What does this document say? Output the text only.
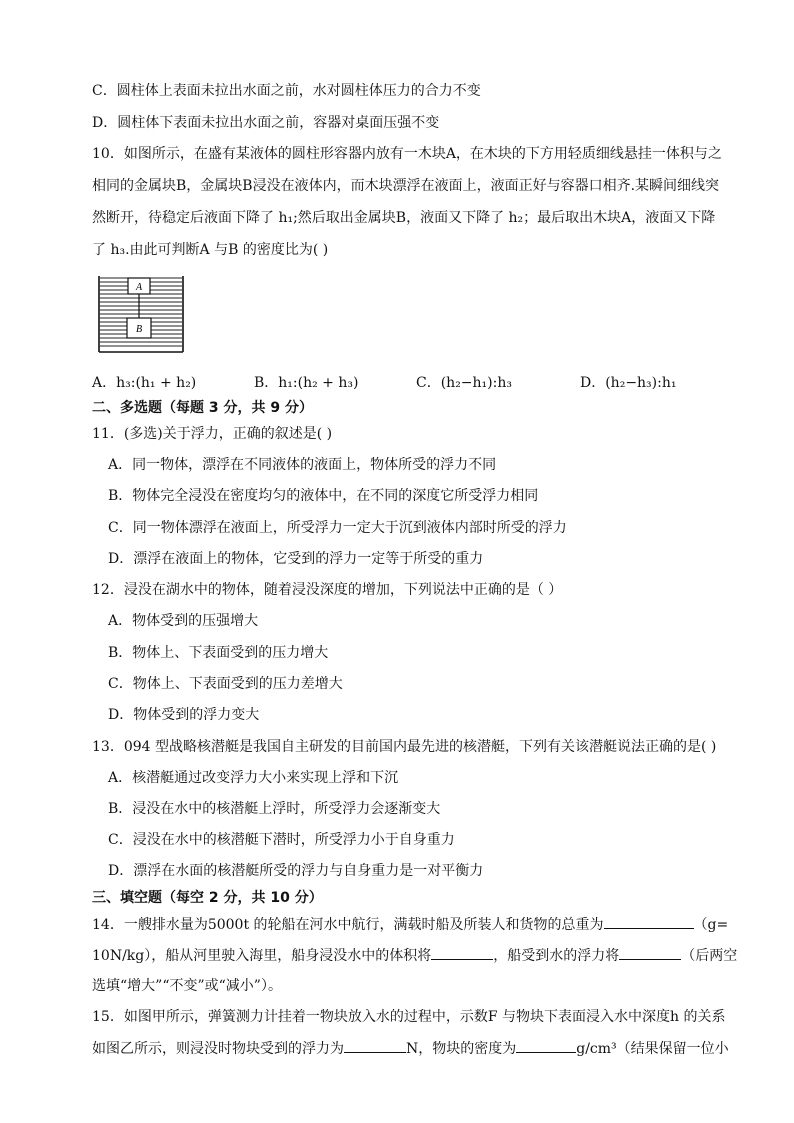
C．圆柱体上表面未拉出水面之前，水对圆柱体压力的合力不变
D．圆柱体下表面未拉出水面之前，容器对桌面压强不变
10．如图所示，在盛有某液体的圆柱形容器内放有一木块A，在木块的下方用轻质细线悬挂一体积与之
相同的金属块B，金属块B浸没在液体内，而木块漂浮在液面上，液面正好与容器口相齐.某瞬间细线突
然断开，待稳定后液面下降了 h₁;然后取出金属块B，液面又下降了 h₂；最后取出木块A，液面又下降
了 h₃.由此可判断A 与B 的密度比为( )
A
B
A．h₃:(h₁ + h₂)	B．h₁:(h₂ + h₃)	C．(h₂−h₁):h₃	D．(h₂−h₃):h₁
二、多选题（每题 3 分，共 9 分）
11．(多选)关于浮力，正确的叙述是( )
A．同一物体，漂浮在不同液体的液面上，物体所受的浮力不同
B．物体完全浸没在密度均匀的液体中，在不同的深度它所受浮力相同
C．同一物体漂浮在液面上，所受浮力一定大于沉到液体内部时所受的浮力
D．漂浮在液面上的物体，它受到的浮力一定等于所受的重力
12．浸没在湖水中的物体，随着浸没深度的增加，下列说法中正确的是（ ）
A．物体受到的压强增大
B．物体上、下表面受到的压力增大
C．物体上、下表面受到的压力差增大
D．物体受到的浮力变大
13．094 型战略核潜艇是我国自主研发的目前国内最先进的核潜艇，下列有关该潜艇说法正确的是( )
A．核潜艇通过改变浮力大小来实现上浮和下沉
B．浸没在水中的核潜艇上浮时，所受浮力会逐渐变大
C．浸没在水中的核潜艇下潜时，所受浮力小于自身重力
D．漂浮在水面的核潜艇所受的浮力与自身重力是一对平衡力
三、填空题（每空 2 分，共 10 分）
14．一艘排水量为5000t 的轮船在河水中航行，满载时船及所装人和货物的总重为	（g=
10N/kg），船从河里驶入海里，船身浸没水中的体积将	，船受到水的浮力将	（后两空
选填“增大”“不变”或“减小”）。
15．如图甲所示，弹簧测力计挂着一物块放入水的过程中，示数F 与物块下表面浸入水中深度h 的关系
如图乙所示，则浸没时物块受到的浮力为	N，物块的密度为	g/cm³（结果保留一位小
